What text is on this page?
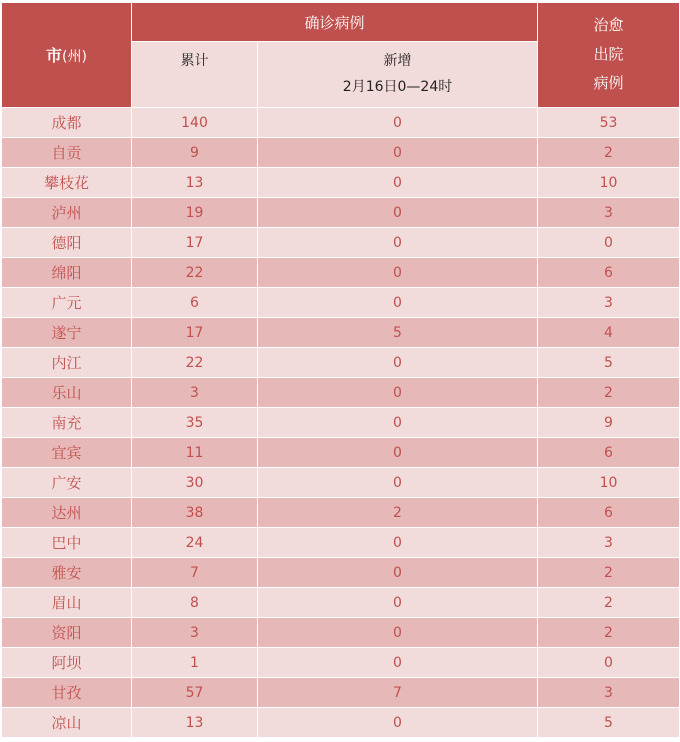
市(州)	确诊病例		治愈
出院
病例

	累计	新增
2月16日0—24时	

成都	140	0	53
自贡	9	0	2
攀枝花	13	0	10
泸州	19	0	3
德阳	17	0	0
绵阳	22	0	6
广元	6	0	3
遂宁	17	5	4
内江	22	0	5
乐山	3	0	2
南充	35	0	9
宜宾	11	0	6
广安	30	0	10
达州	38	2	6
巴中	24	0	3
雅安	7	0	2
眉山	8	0	2
资阳	3	0	2
阿坝	1	0	0
甘孜	57	7	3
凉山	13	0	5
